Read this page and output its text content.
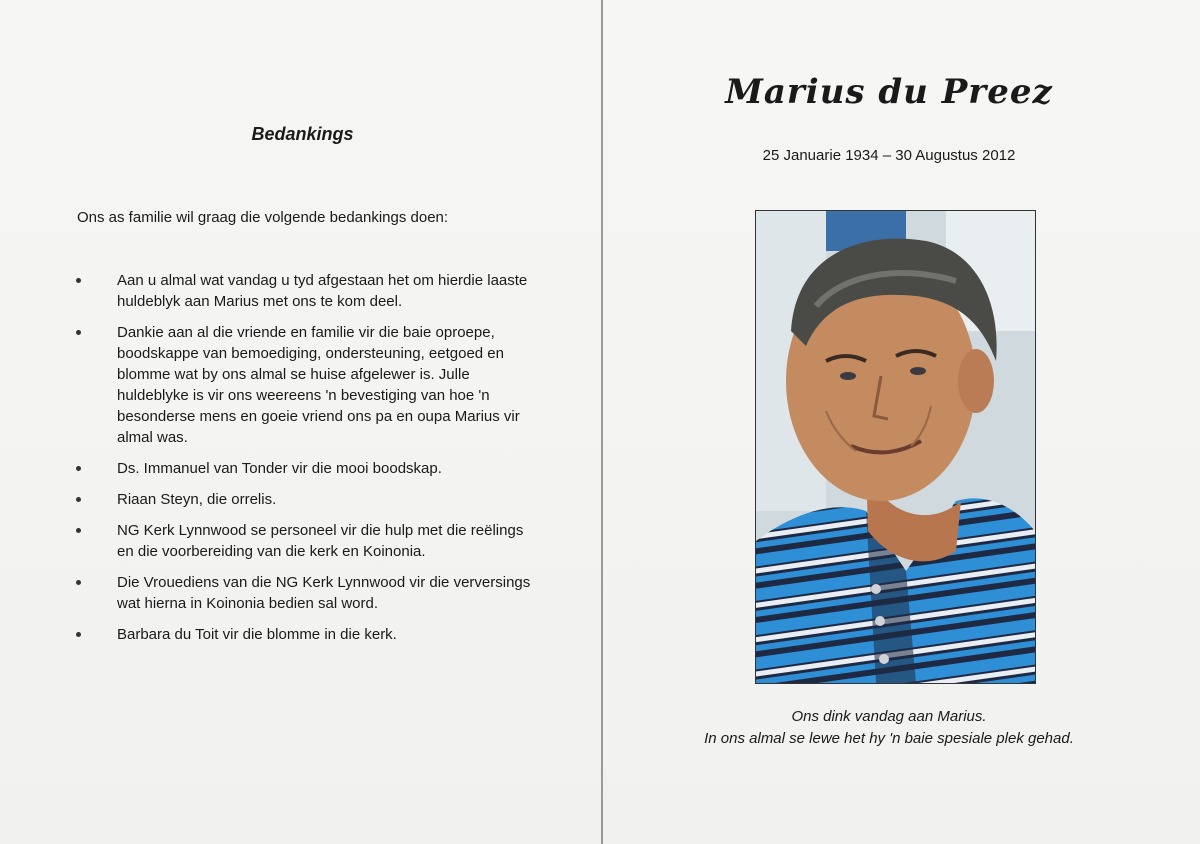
Bedankings
Ons as familie wil graag die volgende bedankings doen:
Aan u almal wat vandag u tyd afgestaan het om hierdie laaste huldeblyk aan Marius met ons te kom deel.
Dankie aan al die vriende en familie vir die baie oproepe, boodskappe van bemoediging, ondersteuning, eetgoed en blomme wat by ons almal se huise afgelewer is. Julle huldeblyke is vir ons weereens 'n bevestiging van hoe 'n besonderse mens en goeie vriend ons pa en oupa Marius vir almal was.
Ds. Immanuel van Tonder vir die mooi boodskap.
Riaan Steyn, die orrelis.
NG Kerk Lynnwood se personeel vir die hulp met die reëlings en die voorbereiding van die kerk en Koinonia.
Die Vrouediens van die NG Kerk Lynnwood vir die verversings wat hierna in Koinonia bedien sal word.
Barbara du Toit vir die blomme in die kerk.
Marius du Preez
25 Januarie 1934 – 30 Augustus 2012
Ons dink vandag aan Marius.
In ons almal se lewe het hy 'n baie spesiale plek gehad.
